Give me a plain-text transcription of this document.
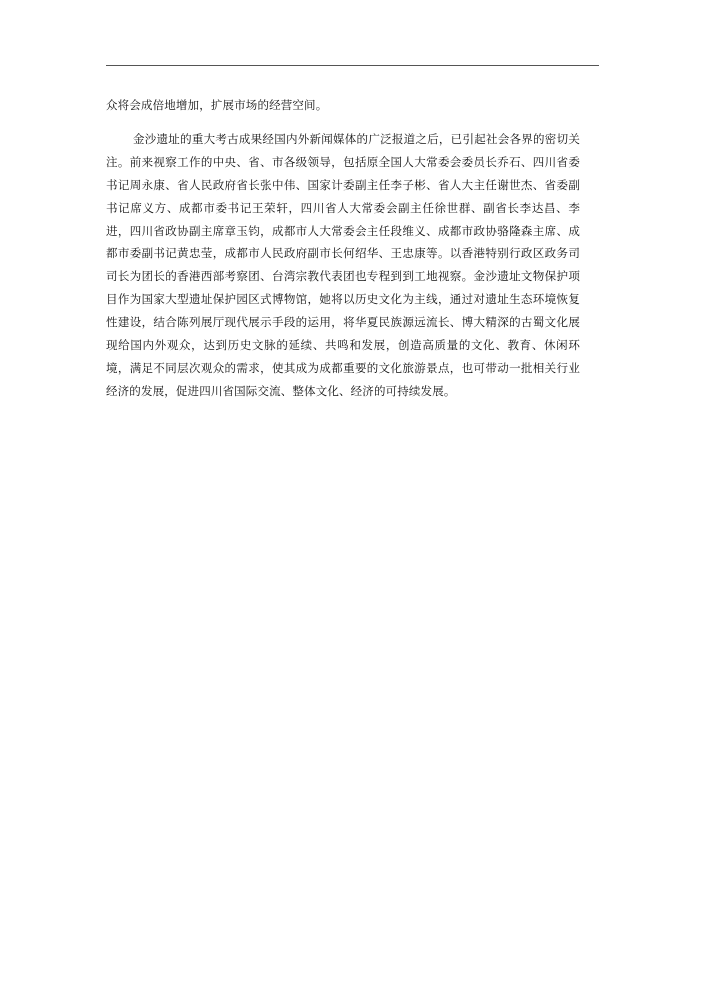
众将会成倍地增加，扩展市场的经营空间。

金沙遗址的重大考古成果经国内外新闻媒体的广泛报道之后，已引起社会各界的密切关注。前来视察工作的中央、省、市各级领导，包括原全国人大常委会委员长乔石、四川省委书记周永康、省人民政府省长张中伟、国家计委副主任李子彬、省人大主任谢世杰、省委副书记席义方、成都市委书记王荣轩，四川省人大常委会副主任徐世群、副省长李达昌、李进，四川省政协副主席章玉钧，成都市人大常委会主任段维义、成都市政协骆隆森主席、成都市委副书记黄忠莹，成都市人民政府副市长何绍华、王忠康等。以香港特别行政区政务司司长为团长的香港西部考察团、台湾宗教代表团也专程到到工地视察。金沙遗址文物保护项目作为国家大型遗址保护园区式博物馆，她将以历史文化为主线，通过对遗址生态环境恢复性建设，结合陈列展厅现代展示手段的运用，将华夏民族源远流长、博大精深的古蜀文化展现给国内外观众，达到历史文脉的延续、共鸣和发展，创造高质量的文化、教育、休闲环境，满足不同层次观众的需求，使其成为成都重要的文化旅游景点，也可带动一批相关行业经济的发展，促进四川省国际交流、整体文化、经济的可持续发展。
